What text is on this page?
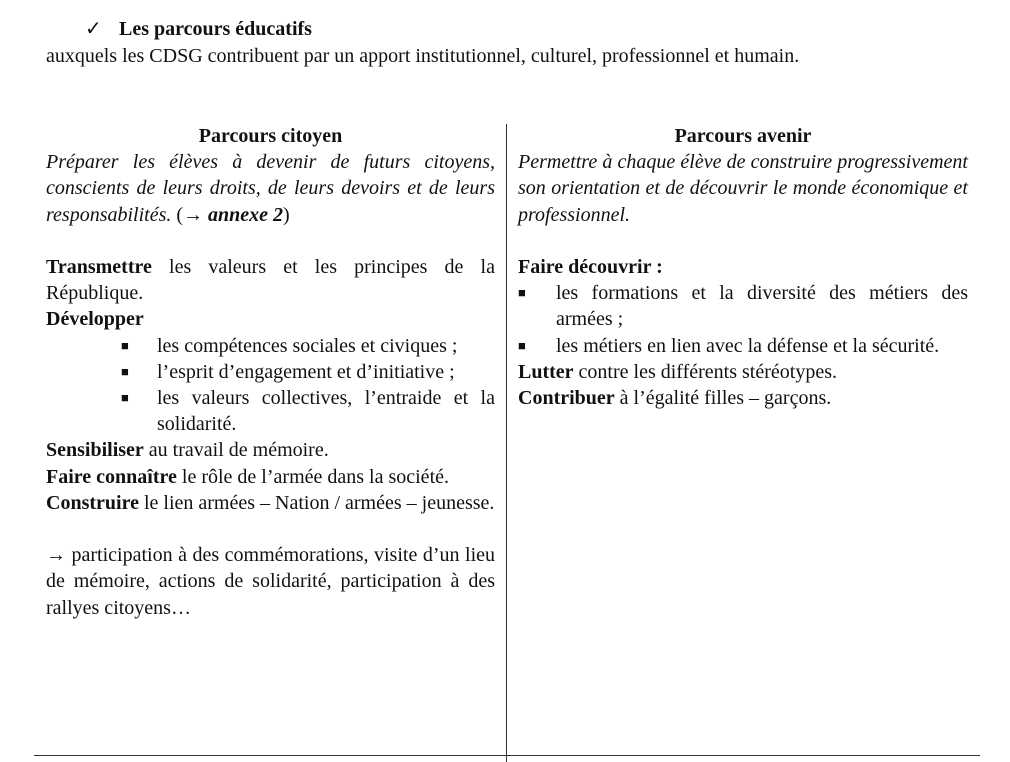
✓ Les parcours éducatifs
auxquels les CDSG contribuent par un apport institutionnel, culturel, professionnel et humain.
Parcours citoyen
Préparer les élèves à devenir de futurs citoyens, conscients de leurs droits, de leurs devoirs et de leurs responsabilités. (→ annexe 2)
Transmettre les valeurs et les principes de la République.
Développer
■ les compétences sociales et civiques ;
■ l’esprit d’engagement et d’initiative ;
■ les valeurs collectives, l’entraide et la solidarité.
Sensibiliser au travail de mémoire.
Faire connaître le rôle de l’armée dans la société.
Construire le lien armées – Nation / armées – jeunesse.
→ participation à des commémorations, visite d’un lieu de mémoire, actions de solidarité, participation à des rallyes citoyens…
Parcours avenir
Permettre à chaque élève de construire progressivement son orientation et de découvrir le monde économique et professionnel.
Faire découvrir :
■ les formations et la diversité des métiers des armées ;
■ les métiers en lien avec la défense et la sécurité.
Lutter contre les différents stéréotypes.
Contribuer à l’égalité filles – garçons.
